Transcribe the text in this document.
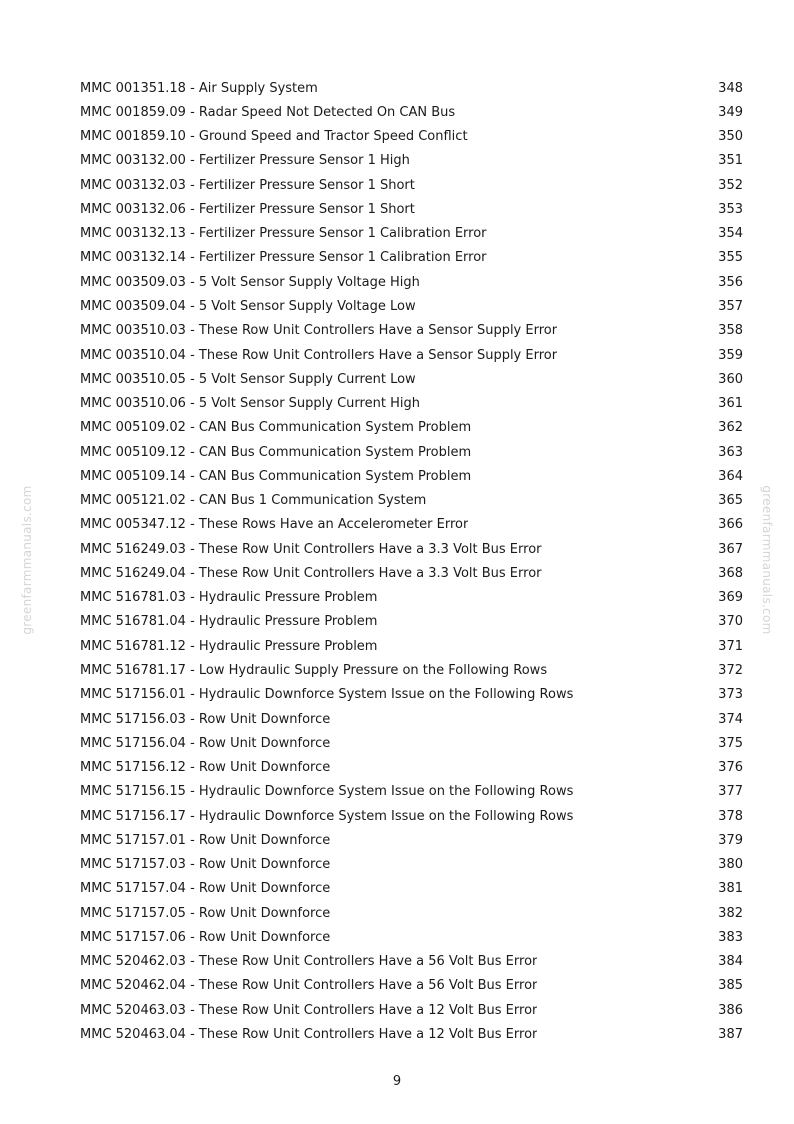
greenfarmmanuals.com	greenfarmmanuals.com
MMC 001351.18 - Air Supply System	348
MMC 001859.09 - Radar Speed Not Detected On CAN Bus	349
MMC 001859.10 - Ground Speed and Tractor Speed Conflict	350
MMC 003132.00 - Fertilizer Pressure Sensor 1 High	351
MMC 003132.03 - Fertilizer Pressure Sensor 1 Short	352
MMC 003132.06 - Fertilizer Pressure Sensor 1 Short	353
MMC 003132.13 - Fertilizer Pressure Sensor 1 Calibration Error	354
MMC 003132.14 - Fertilizer Pressure Sensor 1 Calibration Error	355
MMC 003509.03 - 5 Volt Sensor Supply Voltage High	356
MMC 003509.04 - 5 Volt Sensor Supply Voltage Low	357
MMC 003510.03 - These Row Unit Controllers Have a Sensor Supply Error	358
MMC 003510.04 - These Row Unit Controllers Have a Sensor Supply Error	359
MMC 003510.05 - 5 Volt Sensor Supply Current Low	360
MMC 003510.06 - 5 Volt Sensor Supply Current High	361
MMC 005109.02 - CAN Bus Communication System Problem	362
MMC 005109.12 - CAN Bus Communication System Problem	363
MMC 005109.14 - CAN Bus Communication System Problem	364
MMC 005121.02 - CAN Bus 1 Communication System	365
MMC 005347.12 - These Rows Have an Accelerometer Error	366
MMC 516249.03 - These Row Unit Controllers Have a 3.3 Volt Bus Error	367
MMC 516249.04 - These Row Unit Controllers Have a 3.3 Volt Bus Error	368
MMC 516781.03 - Hydraulic Pressure Problem	369
MMC 516781.04 - Hydraulic Pressure Problem	370
MMC 516781.12 - Hydraulic Pressure Problem	371
MMC 516781.17 - Low Hydraulic Supply Pressure on the Following Rows	372
MMC 517156.01 - Hydraulic Downforce System Issue on the Following Rows	373
MMC 517156.03 - Row Unit Downforce	374
MMC 517156.04 - Row Unit Downforce	375
MMC 517156.12 - Row Unit Downforce	376
MMC 517156.15 - Hydraulic Downforce System Issue on the Following Rows	377
MMC 517156.17 - Hydraulic Downforce System Issue on the Following Rows	378
MMC 517157.01 - Row Unit Downforce	379
MMC 517157.03 - Row Unit Downforce	380
MMC 517157.04 - Row Unit Downforce	381
MMC 517157.05 - Row Unit Downforce	382
MMC 517157.06 - Row Unit Downforce	383
MMC 520462.03 - These Row Unit Controllers Have a 56 Volt Bus Error	384
MMC 520462.04 - These Row Unit Controllers Have a 56 Volt Bus Error	385
MMC 520463.03 - These Row Unit Controllers Have a 12 Volt Bus Error	386
MMC 520463.04 - These Row Unit Controllers Have a 12 Volt Bus Error	387
9
